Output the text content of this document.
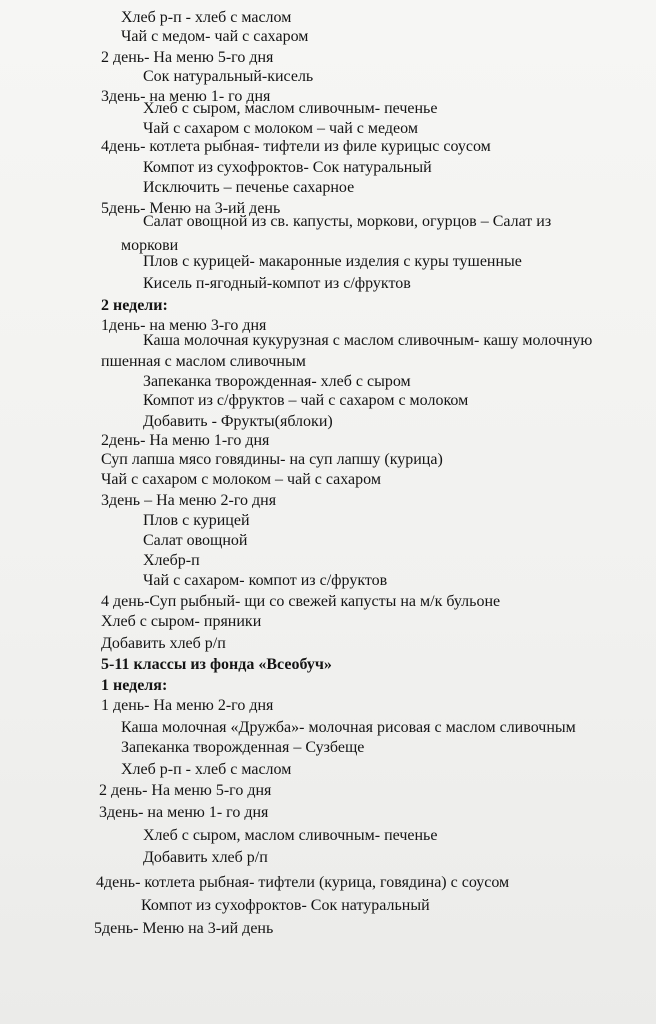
Хлеб р-п - хлеб с маслом
Чай с медом- чай с сахаром
2 день- На меню 5-го дня
Сок натуральный-кисель
3день- на меню 1- го дня
Хлеб с сыром, маслом сливочным- печенье
Чай с сахаром с молоком – чай с медеом
4день- котлета рыбная- тифтели из филе курицыс соусом
Компот из сухофроктов- Сок натуральный
Исключить – печенье сахарное
5день- Меню на 3-ий день
Салат овощной из св. капусты, моркови, огурцов – Салат из
моркови
Плов с курицей- макаронные изделия с куры тушенные
Кисель п-ягодный-компот из с/фруктов
2 недели:
1день- на меню 3-го дня
Каша молочная кукурузная с маслом сливочным- кашу молочную
пшенная с маслом сливочным
Запеканка творожденная- хлеб с сыром
Компот из с/фруктов – чай с сахаром с молоком
Добавить - Фрукты(яблоки)
2день- На меню 1-го дня
Суп лапша мясо говядины- на суп лапшу (курица)
Чай с сахаром с молоком – чай с сахаром
3день – На меню 2-го дня
Плов с курицей
Салат овощной
Хлебр-п
Чай с сахаром- компот из с/фруктов
4 день-Суп рыбный- щи со свежей капусты на м/к бульоне
Хлеб с сыром- пряники
Добавить хлеб р/п
5-11 классы из фонда «Всеобуч»
1 неделя:
1 день- На меню 2-го дня
Каша молочная «Дружба»- молочная рисовая с маслом сливочным
Запеканка творожденная – Сузбеще
Хлеб р-п - хлеб с маслом
2 день- На меню 5-го дня
3день- на меню 1- го дня
Хлеб с сыром, маслом сливочным- печенье
Добавить хлеб р/п
4день- котлета рыбная- тифтели (курица, говядина) с соусом
Компот из сухофроктов- Сок натуральный
5день- Меню на 3-ий день
